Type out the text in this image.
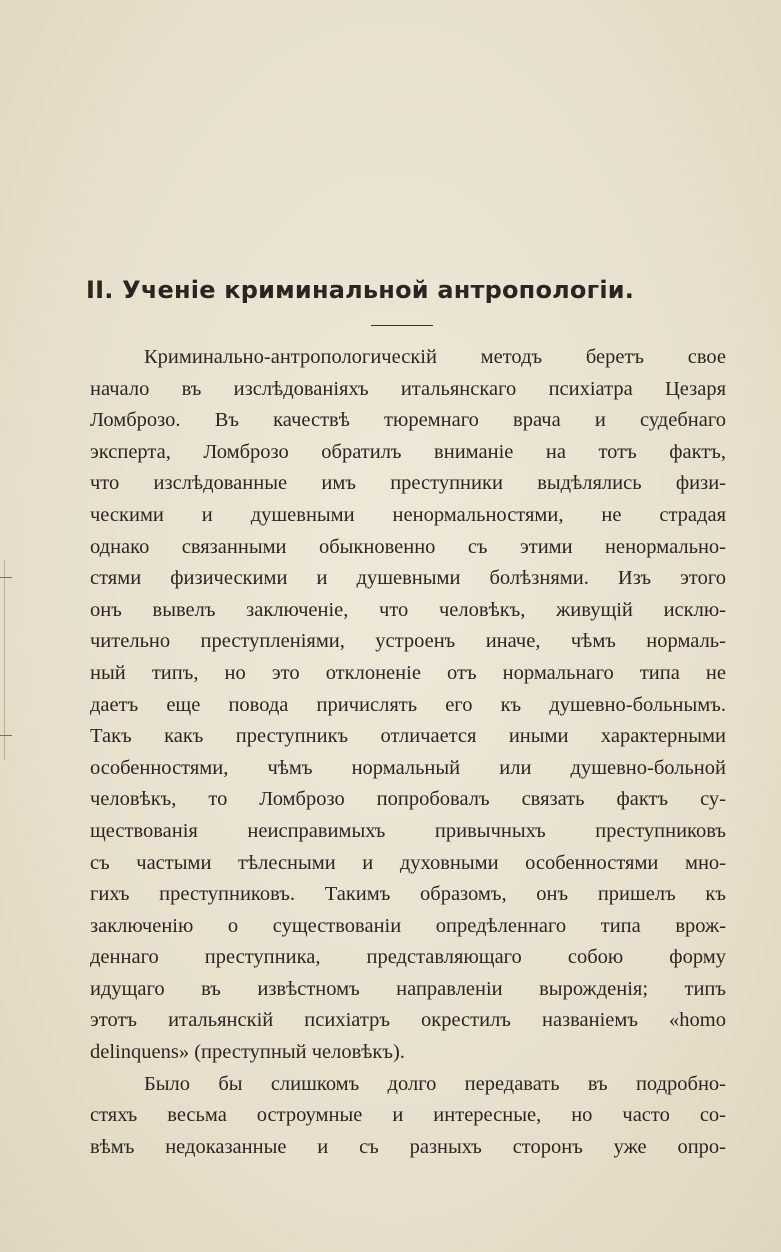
II. Ученіе криминальной антропологіи.
Криминально-антропологическій методъ беретъ свое
начало въ изслѣдованіяхъ итальянскаго психіатра Цезаря
Ломброзо. Въ качествѣ тюремнаго врача и судебнаго
эксперта, Ломброзо обратилъ вниманіе на тотъ фактъ,
что изслѣдованные имъ преступники выдѣлялись физи-
ческими и душевными ненормальностями, не страдая
однако связанными обыкновенно съ этими ненормально-
стями физическими и душевными болѣзнями. Изъ этого
онъ вывелъ заключеніе, что человѣкъ, живущій исклю-
чительно преступленіями, устроенъ иначе, чѣмъ нормаль-
ный типъ, но это отклоненіе отъ нормальнаго типа не
даетъ еще повода причислять его къ душевно-больнымъ.
Такъ какъ преступникъ отличается иными характерными
особенностями, чѣмъ нормальный или душевно-больной
человѣкъ, то Ломброзо попробовалъ связать фактъ су-
ществованія неисправимыхъ привычныхъ преступниковъ
съ частыми тѣлесными и духовными особенностями мно-
гихъ преступниковъ. Такимъ образомъ, онъ пришелъ къ
заключенію о существованіи опредѣленнаго типа врож-
деннаго преступника, представляющаго собою форму
идущаго въ извѣстномъ направленіи вырожденія; типъ
этотъ итальянскій психіатръ окрестилъ названіемъ «homo
delinquens» (преступный человѣкъ).
Было бы слишкомъ долго передавать въ подробно-
стяхъ весьма остроумные и интересные, но часто со-
вѣмъ недоказанные и съ разныхъ сторонъ уже опро-
